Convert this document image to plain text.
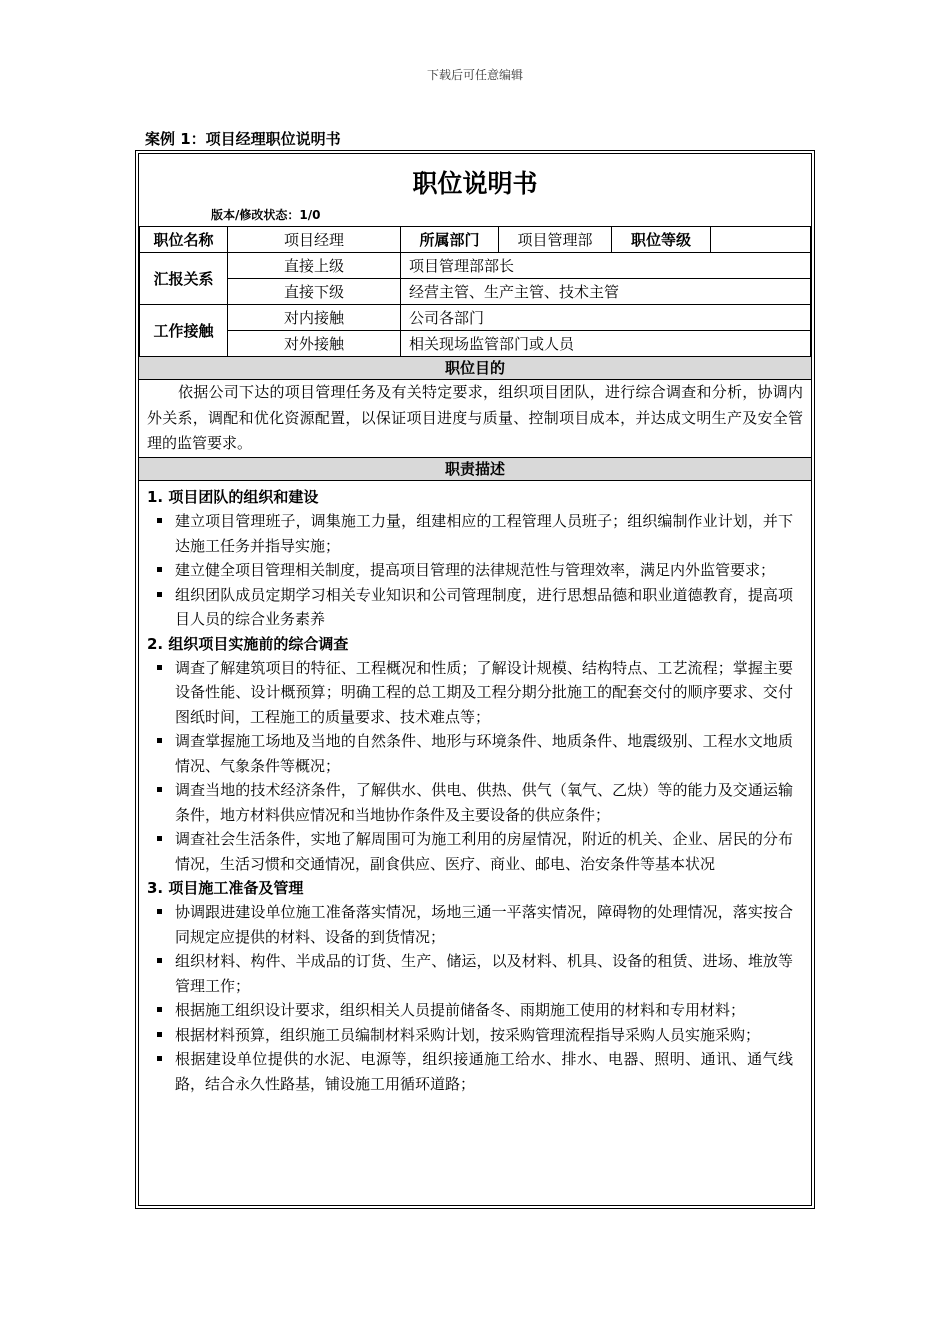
下载后可任意编辑
案例 1：项目经理职位说明书
职位说明书
版本/修改状态：1/0
职位名称	项目经理	所属部门	项目管理部	职位等级	
汇报关系	直接上级	项目管理部部长			
	直接下级	经营主管、生产主管、技术主管			
工作接触	对内接触	公司各部门			
	对外接触	相关现场监管部门或人员			
职位目的
依据公司下达的项目管理任务及有关特定要求，组织项目团队，进行综合调查和分析，协调内外关系，调配和优化资源配置，以保证项目进度与质量、控制项目成本，并达成文明生产及安全管理的监管要求。
职责描述
1. 项目团队的组织和建设
建立项目管理班子，调集施工力量，组建相应的工程管理人员班子；组织编制作业计划，并下达施工任务并指导实施；
建立健全项目管理相关制度，提高项目管理的法律规范性与管理效率，满足内外监管要求；
组织团队成员定期学习相关专业知识和公司管理制度，进行思想品德和职业道德教育，提高项目人员的综合业务素养
2. 组织项目实施前的综合调查
调查了解建筑项目的特征、工程概况和性质；了解设计规模、结构特点、工艺流程；掌握主要设备性能、设计概预算；明确工程的总工期及工程分期分批施工的配套交付的顺序要求、交付图纸时间，工程施工的质量要求、技术难点等；
调查掌握施工场地及当地的自然条件、地形与环境条件、地质条件、地震级别、工程水文地质情况、气象条件等概况；
调查当地的技术经济条件，了解供水、供电、供热、供气（氧气、乙炔）等的能力及交通运输条件，地方材料供应情况和当地协作条件及主要设备的供应条件；
调查社会生活条件，实地了解周围可为施工利用的房屋情况，附近的机关、企业、居民的分布情况，生活习惯和交通情况，副食供应、医疗、商业、邮电、治安条件等基本状况
3. 项目施工准备及管理
协调跟进建设单位施工准备落实情况，场地三通一平落实情况，障碍物的处理情况，落实按合同规定应提供的材料、设备的到货情况；
组织材料、构件、半成品的订货、生产、储运，以及材料、机具、设备的租赁、进场、堆放等管理工作；
根据施工组织设计要求，组织相关人员提前储备冬、雨期施工使用的材料和专用材料；
根据材料预算，组织施工员编制材料采购计划，按采购管理流程指导采购人员实施采购；
根据建设单位提供的水泥、电源等，组织接通施工给水、排水、电器、照明、通讯、通气线路，结合永久性路基，铺设施工用循环道路；
